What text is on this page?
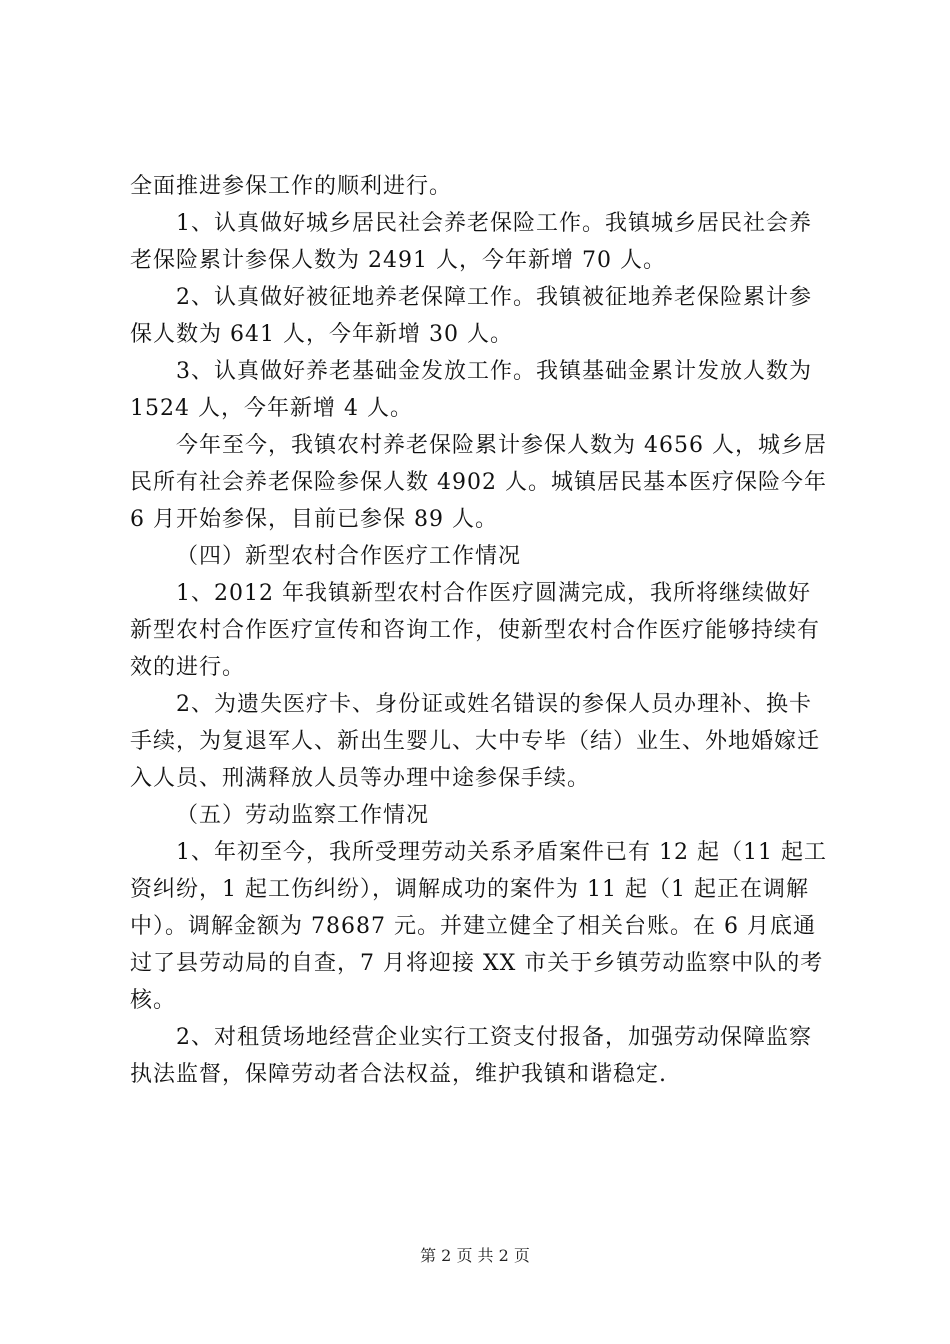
全面推进参保工作的顺利进行。

1、认真做好城乡居民社会养老保险工作。我镇城乡居民社会养老保险累计参保人数为 2491 人，今年新增 70 人。

2、认真做好被征地养老保障工作。我镇被征地养老保险累计参保人数为 641 人，今年新增 30 人。

3、认真做好养老基础金发放工作。我镇基础金累计发放人数为 1524 人，今年新增 4 人。

今年至今，我镇农村养老保险累计参保人数为 4656 人，城乡居民所有社会养老保险参保人数 4902 人。城镇居民基本医疗保险今年 6 月开始参保，目前已参保 89 人。

（四）新型农村合作医疗工作情况

1、2012 年我镇新型农村合作医疗圆满完成，我所将继续做好新型农村合作医疗宣传和咨询工作，使新型农村合作医疗能够持续有效的进行。

2、为遗失医疗卡、身份证或姓名错误的参保人员办理补、换卡手续，为复退军人、新出生婴儿、大中专毕（结）业生、外地婚嫁迁入人员、刑满释放人员等办理中途参保手续。

（五）劳动监察工作情况

1、年初至今，我所受理劳动关系矛盾案件已有 12 起（11 起工资纠纷，1 起工伤纠纷），调解成功的案件为 11 起（1 起正在调解中）。调解金额为 78687 元。并建立健全了相关台账。在 6 月底通过了县劳动局的自查，7 月将迎接 XX 市关于乡镇劳动监察中队的考核。

2、对租赁场地经营企业实行工资支付报备，加强劳动保障监察执法监督，保障劳动者合法权益，维护我镇和谐稳定.

第 2 页 共 2 页
